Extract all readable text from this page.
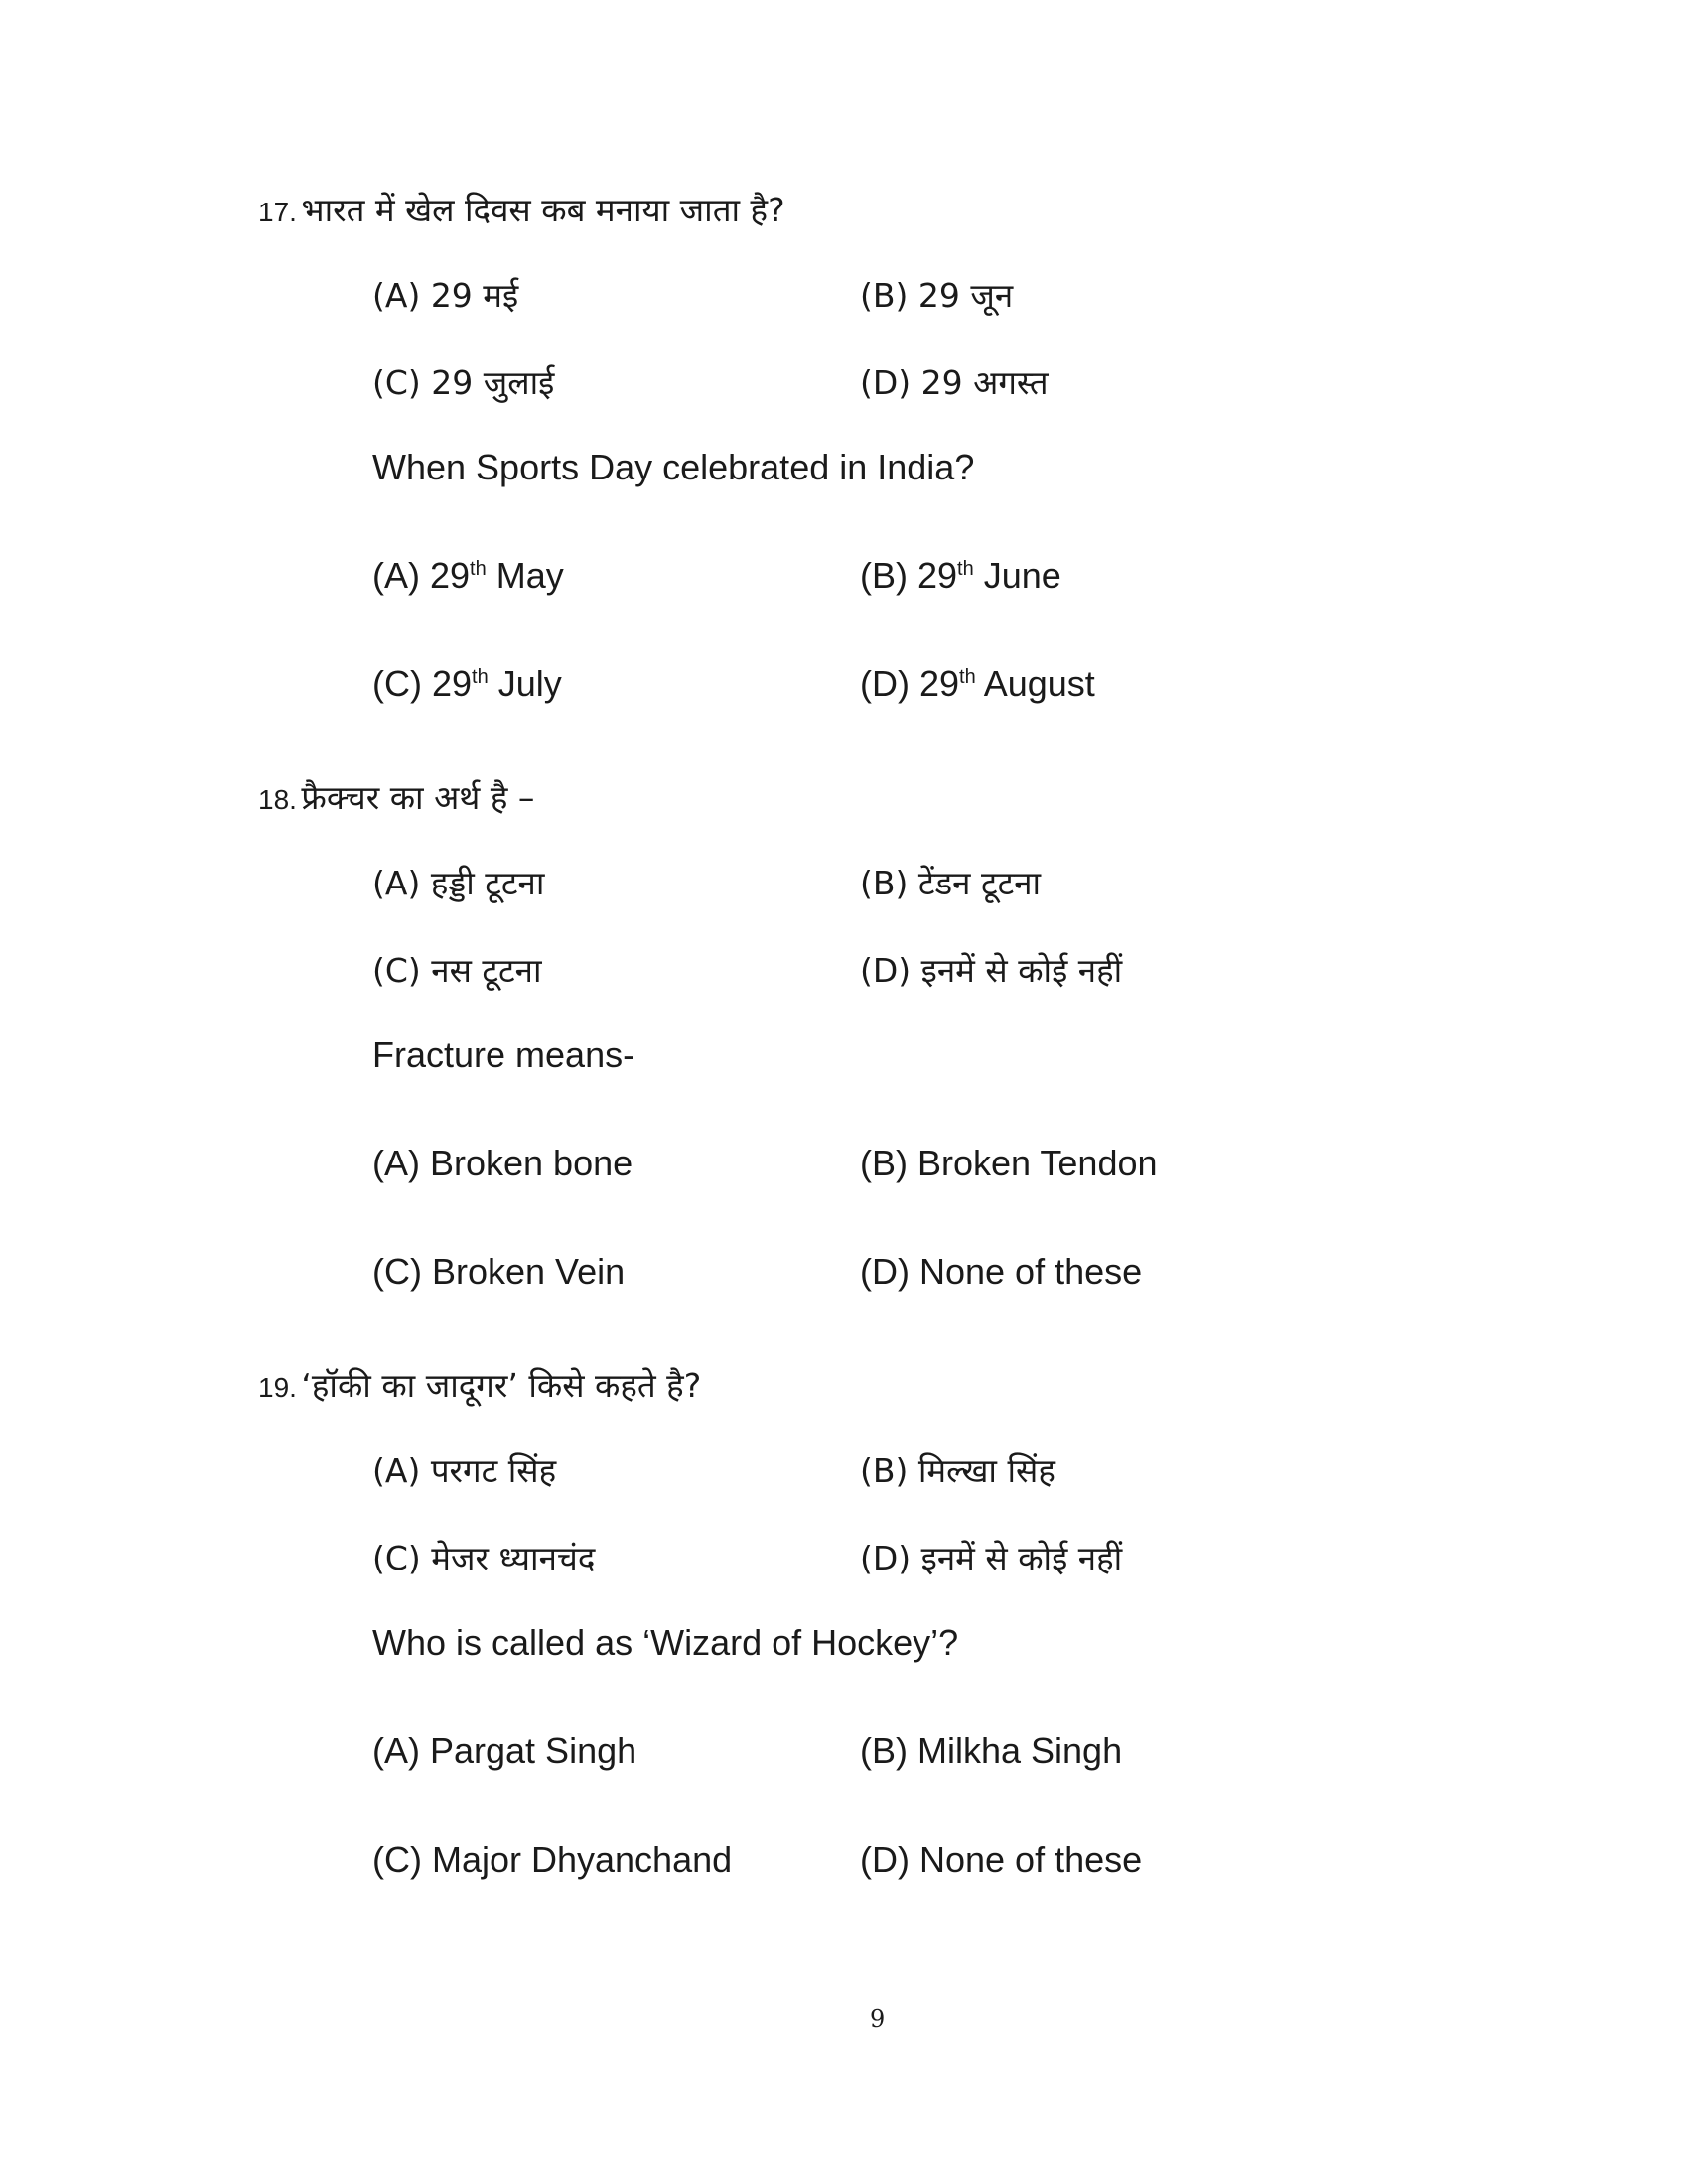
17. भारत में खेल दिवस कब मनाया जाता है?
(A) 29 मई	(B) 29 जून
(C) 29 जुलाई	(D) 29 अगस्त
When Sports Day celebrated in India?
(A) 29th May	(B) 29th June
(C) 29th July	(D) 29th August
18. फ्रैक्चर का अर्थ है –
(A) हड्डी टूटना	(B) टेंडन टूटना
(C) नस टूटना	(D) इनमें से कोई नहीं
Fracture means-
(A) Broken bone	(B) Broken Tendon
(C) Broken Vein	(D) None of these
19. ‘हॉकी का जादूगर’ किसे कहते है?
(A) परगट सिंह	(B) मिल्खा सिंह
(C) मेजर ध्यानचंद	(D) इनमें से कोई नहीं
Who is called as ‘Wizard of Hockey’?
(A) Pargat Singh	(B) Milkha Singh
(C) Major Dhyanchand	(D) None of these
9
